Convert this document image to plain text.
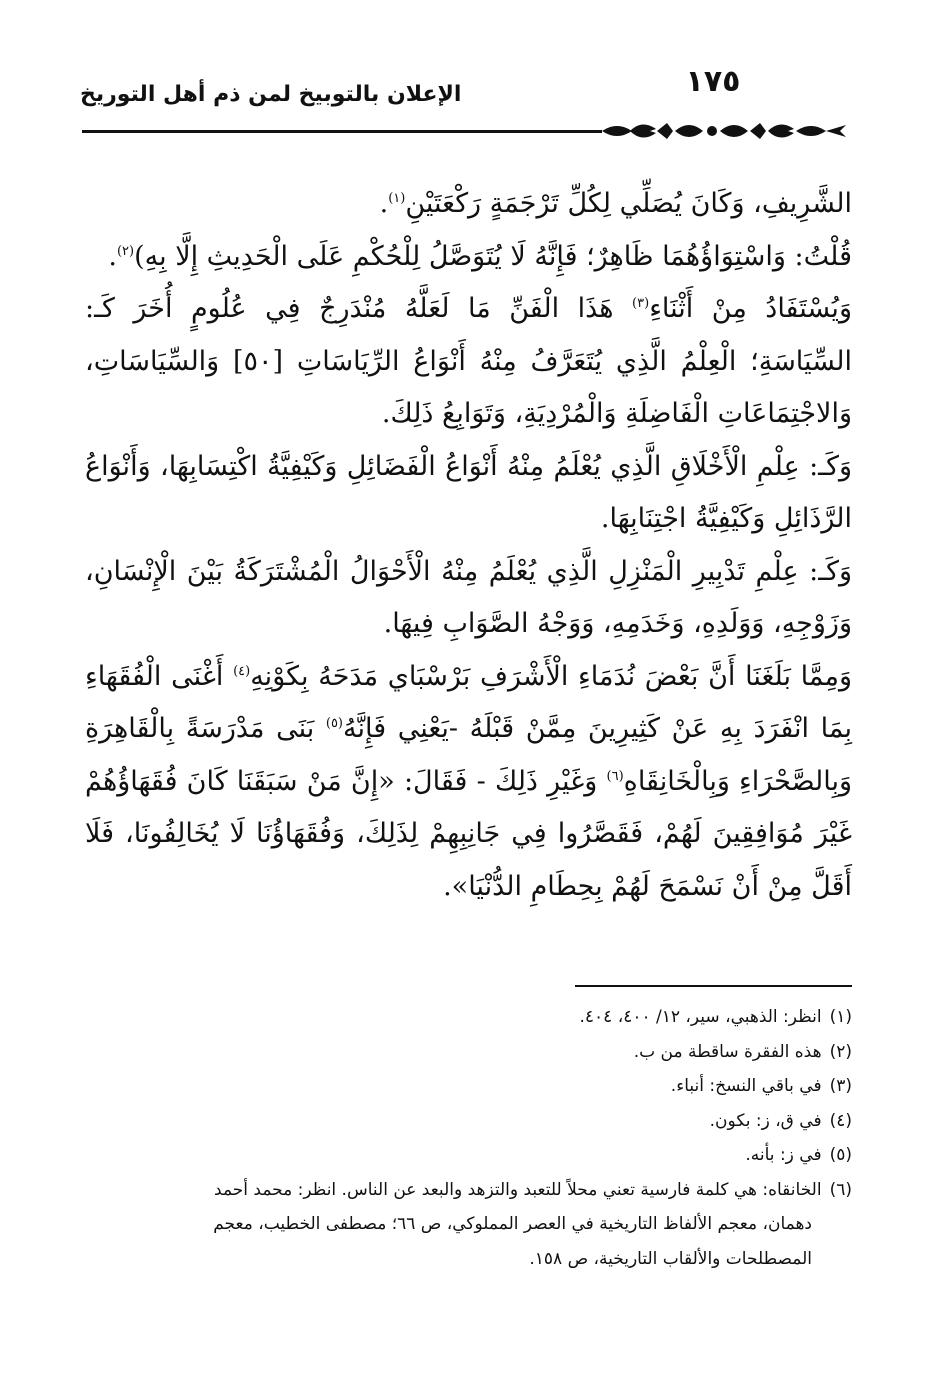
١٧٥
الإعلان بالتوبيخ لمن ذم أهل التوريخ

الشَّرِيفِ، وَكَانَ يُصَلِّي لِكُلِّ تَرْجَمَةٍ رَكْعَتَيْنِ$^{(١)}$.

قُلْتُ: وَاسْتِوَاؤُهُمَا ظَاهِرٌ؛ فَإِنَّهُ لَا يُتَوَصَّلُ لِلْحُكْمِ عَلَى الْحَدِيثِ إِلَّا بِهِ)$^{(٢)}$.

وَيُسْتَفَادُ مِنْ أَثْنَاءِ$^{(٣)}$ هَذَا الْفَنِّ مَا لَعَلَّهُ مُنْدَرِجٌ فِي عُلُومٍ أُخَرَ كَـ: السِّيَاسَةِ؛ الْعِلْمُ الَّذِي يُتَعَرَّفُ مِنْهُ أَنْوَاعُ الرِّيَاسَاتِ [٥٠] وَالسِّيَاسَاتِ، وَالاجْتِمَاعَاتِ الْفَاضِلَةِ وَالْمُرْدِيَةِ، وَتَوَابِعُ ذَلِكَ.

وَكَـ: عِلْمِ الْأَخْلَاقِ الَّذِي يُعْلَمُ مِنْهُ أَنْوَاعُ الْفَضَائِلِ وَكَيْفِيَّةُ اكْتِسَابِهَا، وَأَنْوَاعُ الرَّذَائِلِ وَكَيْفِيَّةُ اجْتِنَابِهَا.

وَكَـ: عِلْمِ تَدْبِيرِ الْمَنْزِلِ الَّذِي يُعْلَمُ مِنْهُ الْأَحْوَالُ الْمُشْتَرَكَةُ بَيْنَ الْإِنْسَانِ، وَزَوْجِهِ، وَوَلَدِهِ، وَخَدَمِهِ، وَوَجْهُ الصَّوَابِ فِيهَا.

وَمِمَّا بَلَغَنَا أَنَّ بَعْضَ نُدَمَاءِ الْأَشْرَفِ بَرْسْبَاي مَدَحَهُ بِكَوْنِهِ$^{(٤)}$ أَغْنَى الْفُقَهَاءِ بِمَا انْفَرَدَ بِهِ عَنْ كَثِيرِينَ مِمَّنْ قَبْلَهُ -يَعْنِي فَإِنَّهُ$^{(٥)}$ بَنَى مَدْرَسَةً بِالْقَاهِرَةِ وَبِالصَّحْرَاءِ وَبِالْخَانِقَاهِ$^{(٦)}$ وَغَيْرِ ذَلِكَ - فَقَالَ: «إِنَّ مَنْ سَبَقَنَا كَانَ فُقَهَاؤُهُمْ غَيْرَ مُوَافِقِينَ لَهُمْ، فَقَصَّرُوا فِي جَانِبِهِمْ لِذَلِكَ، وَفُقَهَاؤُنَا لَا يُخَالِفُونَا، فَلَا أَقَلَّ مِنْ أَنْ نَسْمَحَ لَهُمْ بِحِطَامِ الدُّنْيَا».

(١)انظر: الذهبي، سير، ١٢/ ٤٠٠، ٤٠٤.
(٢)هذه الفقرة ساقطة من ب.
(٣)في باقي النسخ: أنباء.
(٤)في ق، ز: بكون.
(٥)في ز: بأنه.
(٦)الخانقاه: هي كلمة فارسية تعني محلاً للتعبد والتزهد والبعد عن الناس. انظر: محمد أحمد

دهمان، معجم الألفاظ التاريخية في العصر المملوكي، ص ٦٦؛ مصطفى الخطيب، معجم

المصطلحات والألقاب التاريخية، ص ١٥٨.
